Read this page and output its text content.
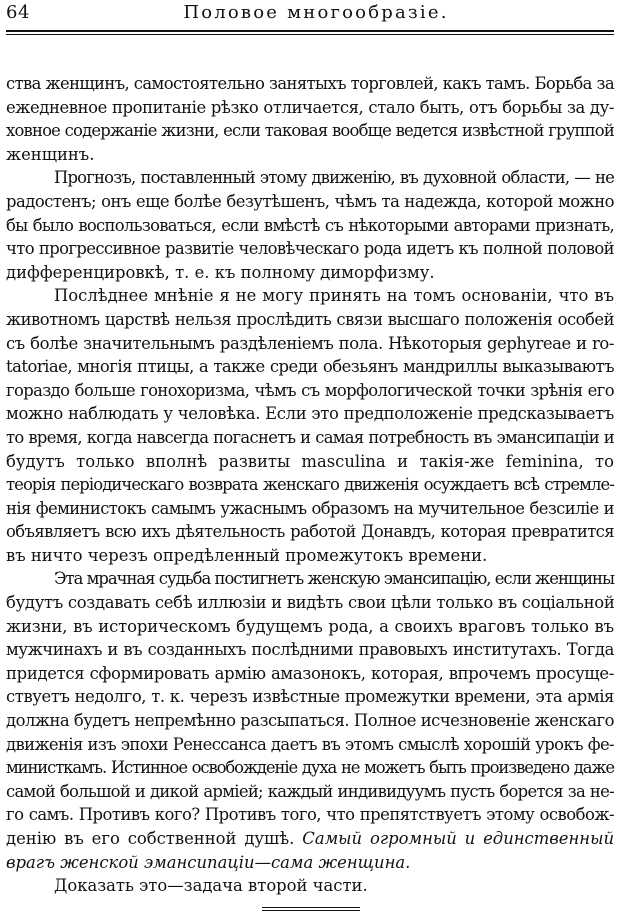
64	Половое многообразіе.
ства женщинъ, самостоятельно занятыхъ торговлей, какъ тамъ. Борьба за
ежедневное пропитаніе рѣзко отличается, стало быть, отъ борьбы за ду-
ховное содержаніе жизни, если таковая вообще ведется извѣстной группой
женщинъ.
Прогнозъ, поставленный этому движенію, въ духовной области, — не
радостенъ; онъ еще болѣе безутѣшенъ, чѣмъ та надежда, которой можно
бы было воспользоваться, если вмѣстѣ съ нѣкоторыми авторами признать,
что прогрессивное развитіе человѣческаго рода идетъ къ полной половой
дифференцировкѣ, т. е. къ полному диморфизму.
Послѣднее мнѣніе я не могу принять на томъ основаніи, что въ
животномъ царствѣ нельзя прослѣдить связи высшаго положенія особей
съ болѣе значительнымъ раздѣленіемъ пола. Нѣкоторыя gephyreae и ro-
tatoriae, многія птицы, а также среди обезьянъ мандриллы выказываютъ
гораздо больше гонохоризма, чѣмъ съ морфологической точки зрѣнія его
можно наблюдать у человѣка. Если это предположеніе предсказываетъ
то время, когда навсегда погаснетъ и самая потребность въ эмансипаціи и
будутъ только вполнѣ развиты masculina и такія-же feminina, то
теорія періодическаго возврата женскаго движенія осуждаетъ всѣ стремле-
нія феминистокъ самымъ ужаснымъ образомъ на мучительное безсиліе и
объявляетъ всю ихъ дѣятельность работой Донавдъ, которая превратится
въ ничто черезъ опредѣленный промежутокъ времени.
Эта мрачная судьба постигнетъ женскую эмансипацію, если женщины
будутъ создавать себѣ иллюзіи и видѣть свои цѣли только въ соціальной
жизни, въ историческомъ будущемъ рода, а своихъ враговъ только въ
мужчинахъ и въ созданныхъ послѣдними правовыхъ институтахъ. Тогда
придется сформировать армію амазонокъ, которая, впрочемъ просуще-
ствуетъ недолго, т. к. черезъ извѣстные промежутки времени, эта армія
должна будетъ непремѣнно разсыпаться. Полное исчезновеніе женскаго
движенія изъ эпохи Ренессанса даетъ въ этомъ смыслѣ хорошій урокъ фе-
министкамъ. Истинное освобожденіе духа не можетъ быть произведено даже
самой большой и дикой арміей; каждый индивидуумъ пусть борется за не-
го самъ. Противъ кого? Противъ того, что препятствуетъ этому освобож-
денію въ его собственной душѣ. Самый огромный и единственный
врагъ женской эмансипаціи—сама женщина.
Доказать это—задача второй части.
